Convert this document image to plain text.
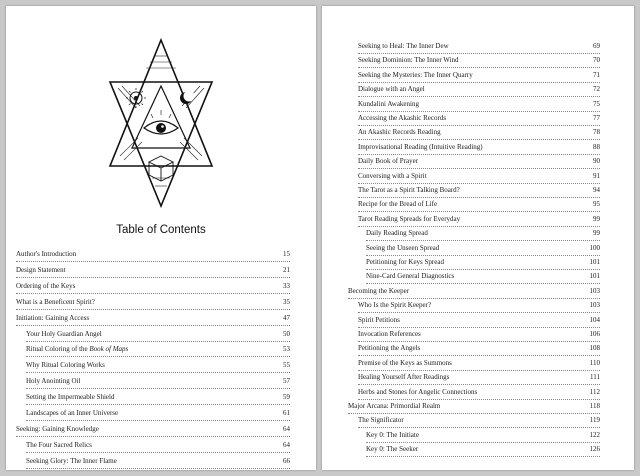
Table of Contents
Author's Introduction	15
Design Statement	21
Ordering of the Keys	33
What is a Beneficent Spirit?	35
Initiation: Gaining Access	47
Your Holy Guardian Angel	50
Ritual Coloring of the Book of Maps	53
Why Ritual Coloring Works	55
Holy Anointing Oil	57
Setting the Impermeable Shield	59
Landscapes of an Inner Universe	61
Seeking: Gaining Knowledge	64
The Four Sacred Relics	64
Seeking Glory: The Inner Flame	66
Seeking to Heal: The Inner Dew	69
Seeking Dominion: The Inner Wind	70
Seeking the Mysteries: The Inner Quarry	71
Dialogue with an Angel	72
Kundalini Awakening	75
Accessing the Akashic Records	77
An Akashic Records Reading	78
Improvisational Reading (Intuitive Reading)	88
Daily Book of Prayer	90
Conversing with a Spirit	91
The Tarot as a Spirit Talking Board?	94
Recipe for the Bread of Life	95
Tarot Reading Spreads for Everyday	99
Daily Reading Spread	99
Seeing the Unseen Spread	100
Petitioning for Keys Spread	101
Nine-Card General Diagnostics	101
Becoming the Keeper	103
Who Is the Spirit Keeper?	103
Spirit Petitions	104
Invocation References	106
Petitioning the Angels	108
Premise of the Keys as Summons	110
Healing Yourself After Readings	111
Herbs and Stones for Angelic Connections	112
Major Arcana: Primordial Realm	118
The Significator	119
Key 0: The Initiate	122
Key 0: The Seeker	126
